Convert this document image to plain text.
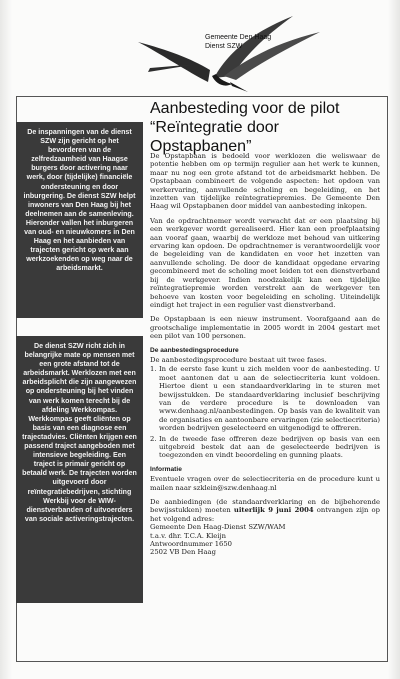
Gemeente Den Haag
Dienst SZW
Aanbesteding voor de pilot
“Reïntegratie door Opstapbanen”

De inspanningen van de dienst SZW zijn gericht op het bevorderen van de zelfredzaamheid van Haagse burgers door activering naar werk, door (tijdelijke) financiële ondersteuning en door inburgering. De dienst SZW helpt inwoners van Den Haag bij het deelnemen aan de samenleving. Hieronder vallen het inburgeren van oud- en nieuwkomers in Den Haag en het aanbieden van trajecten gericht op werk aan werkzoekenden op weg naar de arbeidsmarkt.

De dienst SZW richt zich in belangrijke mate op mensen met een grote afstand tot de arbeidsmarkt. Werklozen met een arbeidsplicht die zijn aangewezen op ondersteuning bij het vinden van werk komen terecht bij de afdeling Werkkompas. Werkkompas geeft cliënten op basis van een diagnose een trajectadvies. Cliënten krijgen een passend traject aangeboden met intensieve begeleiding. Een traject is primair gericht op betaald werk. De trajecten worden uitgevoerd door reïntegratiebedrijven, stichting Werkbij voor de WIW-dienstverbanden of uitvoerders van sociale activeringstrajecten.

De Opstapbaan is bedoeld voor werklozen die weliswaar de potentie hebben om op termijn regulier aan het werk te kunnen, maar nu nog een grote afstand tot de arbeidsmarkt hebben. De Opstapbaan combineert de volgende aspecten: het opdoen van werkervaring, aanvullende scholing en begeleiding, en het inzetten van tijdelijke reïntegratiepremies. De Gemeente Den Haag wil Opstapbanen door middel van aanbesteding inkopen.

Van de opdrachtnemer wordt verwacht dat er een plaatsing bij een werkgever wordt gerealiseerd. Hier kan een proefplaatsing aan vooraf gaan, waarbij de werkloze met behoud van uitkering ervaring kan opdoen. De opdrachtnemer is verantwoordelijk voor de begeleiding van de kandidaten en voor het inzetten van aanvullende scholing. De door de kandidaat opgedane ervaring gecombineerd met de scholing moet leiden tot een dienstverband bij de werkgever. Indien noodzakelijk kan een tijdelijke reïntegratiepremie worden verstrekt aan de werkgever ten behoeve van kosten voor begeleiding en scholing. Uiteindelijk eindigt het traject in een regulier vast dienstverband.

De Opstapbaan is een nieuw instrument. Voorafgaand aan de grootschalige implementatie in 2005 wordt in 2004 gestart met een pilot van 100 personen.

De aanbestedingsprocedure
De aanbestedingsprocedure bestaat uit twee fases.
1. In de eerste fase kunt u zich melden voor de aanbesteding. U moet aantonen dat u aan de selectiecriteria kunt voldoen. Hiertoe dient u een standaardverklaring in te sturen met bewijsstukken. De standaardverklaring inclusief beschrijving van de verdere procedure is te downloaden van www.denhaag.nl/aanbestedingen. Op basis van de kwaliteit van de organisaties en aantoonbare ervaringen (zie selectiecriteria) worden bedrijven geselecteerd en uitgenodigd te offreren.
2. In de tweede fase offreren deze bedrijven op basis van een uitgebreid bestek dat aan de geselecteerde bedrijven is toegezonden en vindt beoordeling en gunning plaats.
Informatie

Eventuele vragen over de selectiecriteria en de procedure kunt u mailen naar szklein@szw.denhaag.nl

De aanbiedingen (de standaardverklaring en de bijbehorende bewijsstukken) moeten uiterlijk 9 juni 2004 ontvangen zijn op het volgend adres:

Gemeente Den Haag-Dienst SZW/WAM
t.a.v. dhr. T.C.A. Kleijn
Antwoordnummer 1650
2502 VB Den Haag
